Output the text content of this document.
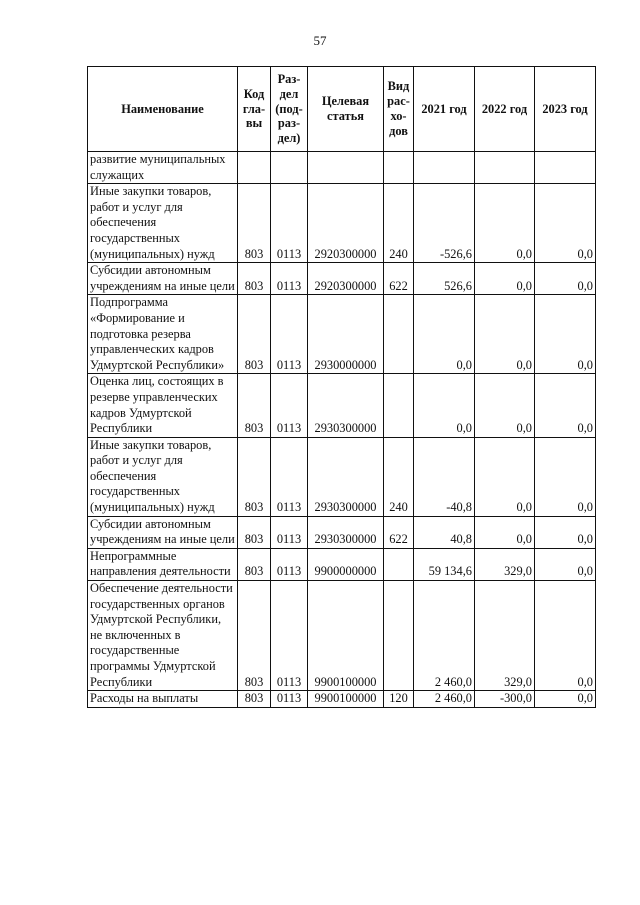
57
Наименование	Код гла-вы	Раз-дел (под-раз-дел)	Целевая статья	Вид рас-хо-дов	2021 год	2022 год	2023 год
развитие муниципальных служащих							
Иные закупки товаров, работ и услуг для обеспечения государственных (муниципальных) нужд	803	0113	2920300000	240	-526,6	0,0	0,0
Субсидии автономным учреждениям на иные цели	803	0113	2920300000	622	526,6	0,0	0,0
Подпрограмма «Формирование и подготовка резерва управленческих кадров Удмуртской Республики»	803	0113	2930000000		0,0	0,0	0,0
Оценка лиц, состоящих в резерве управленческих кадров Удмуртской Республики	803	0113	2930300000		0,0	0,0	0,0
Иные закупки товаров, работ и услуг для обеспечения государственных (муниципальных) нужд	803	0113	2930300000	240	-40,8	0,0	0,0
Субсидии автономным учреждениям на иные цели	803	0113	2930300000	622	40,8	0,0	0,0
Непрограммные направления деятельности	803	0113	9900000000		59 134,6	329,0	0,0
Обеспечение деятельности государственных органов Удмуртской Республики, не включенных в государственные программы Удмуртской Республики	803	0113	9900100000		2 460,0	329,0	0,0
Расходы на выплаты	803	0113	9900100000	120	2 460,0	-300,0	0,0
